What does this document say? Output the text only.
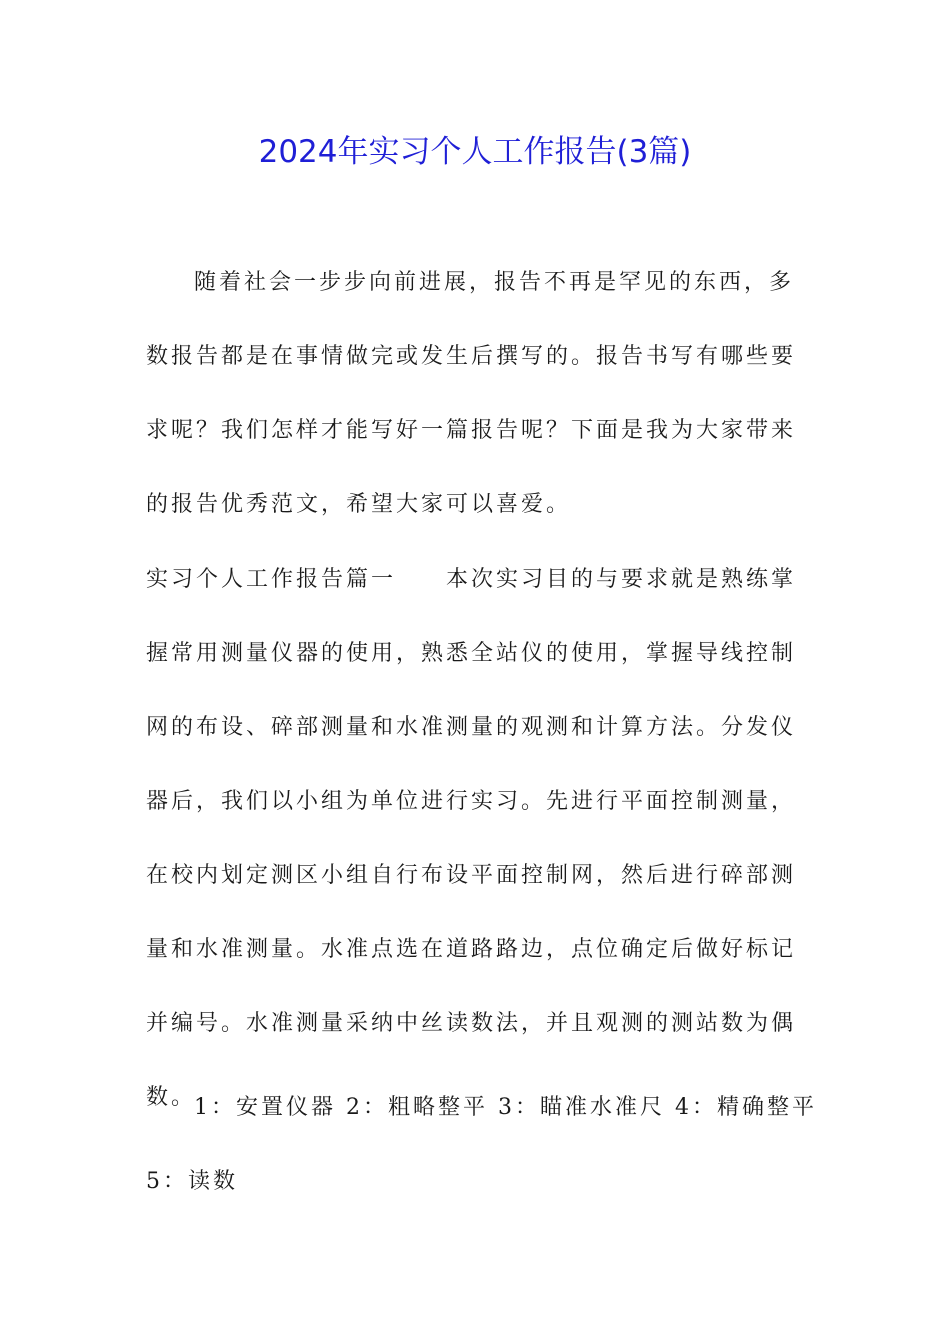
2024年实习个人工作报告(3篇)
随着社会一步步向前进展，报告不再是罕见的东西，多数报告都是在事情做完或发生后撰写的。报告书写有哪些要求呢？我们怎样才能写好一篇报告呢？下面是我为大家带来的报告优秀范文，希望大家可以喜爱。
实习个人工作报告篇一　　本次实习目的与要求就是熟练掌握常用测量仪器的使用，熟悉全站仪的使用，掌握导线控制网的布设、碎部测量和水准测量的观测和计算方法。分发仪器后，我们以小组为单位进行实习。先进行平面控制测量，在校内划定测区小组自行布设平面控制网，然后进行碎部测量和水准测量。水准点选在道路路边，点位确定后做好标记并编号。水准测量采纳中丝读数法，并且观测的测站数为偶数。
1：安置仪器 2：粗略整平 3：瞄准水准尺 4：精确整平 5：读数
